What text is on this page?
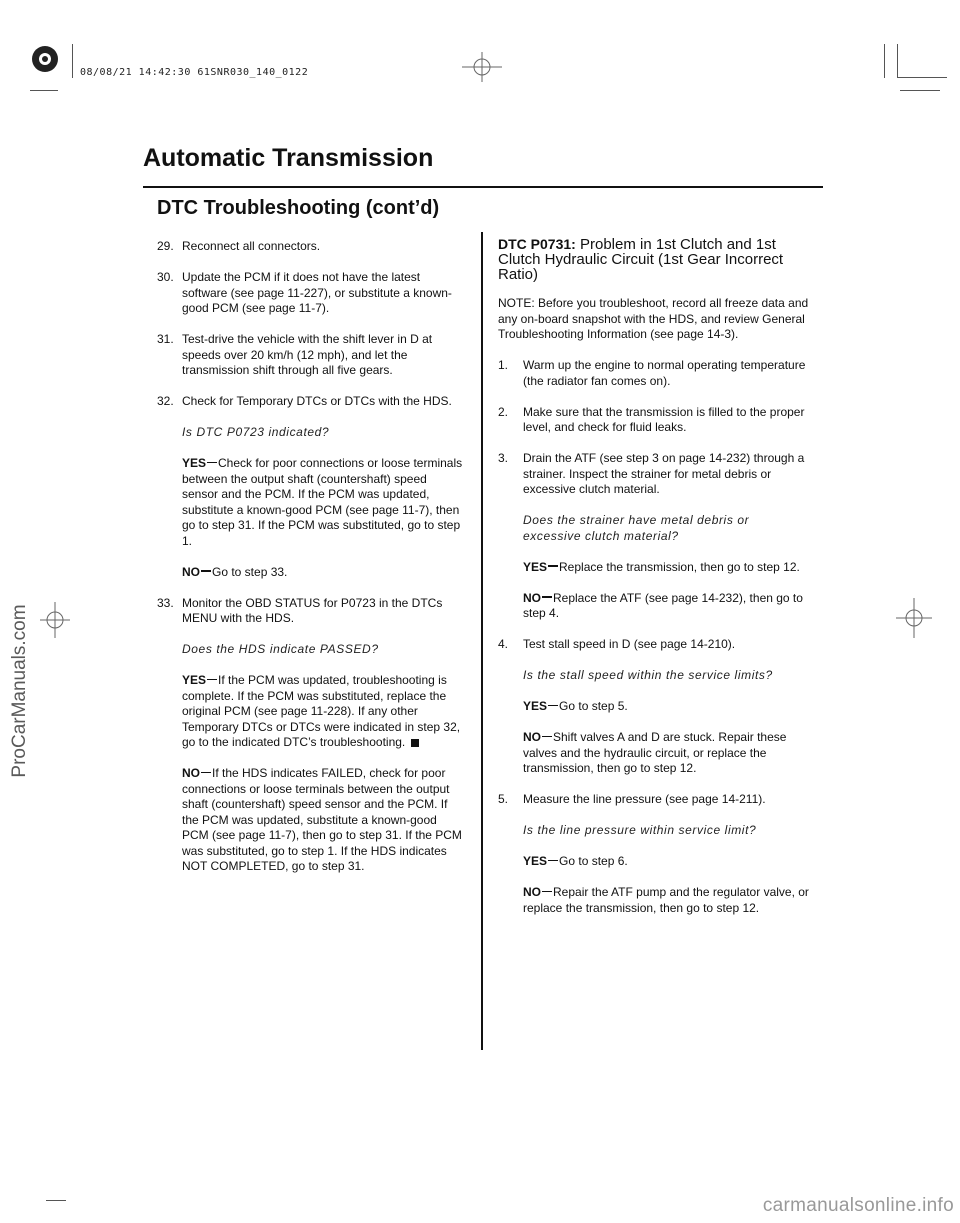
08/08/21 14:42:30 61SNR030_140_0122
ProCarManuals.com
carmanualsonline.info
Automatic Transmission
DTC Troubleshooting (cont’d)
29. Reconnect all connectors.
30. Update the PCM if it does not have the latest software (see page 11-227), or substitute a known-good PCM (see page 11-7).
31. Test-drive the vehicle with the shift lever in D at speeds over 20 km/h (12 mph), and let the transmission shift through all five gears.
32. Check for Temporary DTCs or DTCs with the HDS.
Is DTC P0723 indicated?
YES Check for poor connections or loose terminals between the output shaft (countershaft) speed sensor and the PCM. If the PCM was updated, substitute a known-good PCM (see page 11-7), then go to step 31. If the PCM was substituted, go to step 1.
NO Go to step 33.
33. Monitor the OBD STATUS for P0723 in the DTCs MENU with the HDS.
Does the HDS indicate PASSED?
YES If the PCM was updated, troubleshooting is complete. If the PCM was substituted, replace the original PCM (see page 11-228). If any other Temporary DTCs or DTCs were indicated in step 32, go to the indicated DTC’s troubleshooting.
NO If the HDS indicates FAILED, check for poor connections or loose terminals between the output shaft (countershaft) speed sensor and the PCM. If the PCM was updated, substitute a known-good PCM (see page 11-7), then go to step 31. If the PCM was substituted, go to step 1. If the HDS indicates NOT COMPLETED, go to step 31.
DTC P0731: Problem in 1st Clutch and 1st Clutch Hydraulic Circuit (1st Gear Incorrect Ratio)
NOTE: Before you troubleshoot, record all freeze data and any on-board snapshot with the HDS, and review General Troubleshooting Information (see page 14-3).
1. Warm up the engine to normal operating temperature (the radiator fan comes on).
2. Make sure that the transmission is filled to the proper level, and check for fluid leaks.
3. Drain the ATF (see step 3 on page 14-232) through a strainer. Inspect the strainer for metal debris or excessive clutch material.
Does the strainer have metal debris or excessive clutch material?
YES Replace the transmission, then go to step 12.
NO Replace the ATF (see page 14-232), then go to step 4.
4. Test stall speed in D (see page 14-210).
Is the stall speed within the service limits?
YES Go to step 5.
NO Shift valves A and D are stuck. Repair these valves and the hydraulic circuit, or replace the transmission, then go to step 12.
5. Measure the line pressure (see page 14-211).
Is the line pressure within service limit?
YES Go to step 6.
NO Repair the ATF pump and the regulator valve, or replace the transmission, then go to step 12.
